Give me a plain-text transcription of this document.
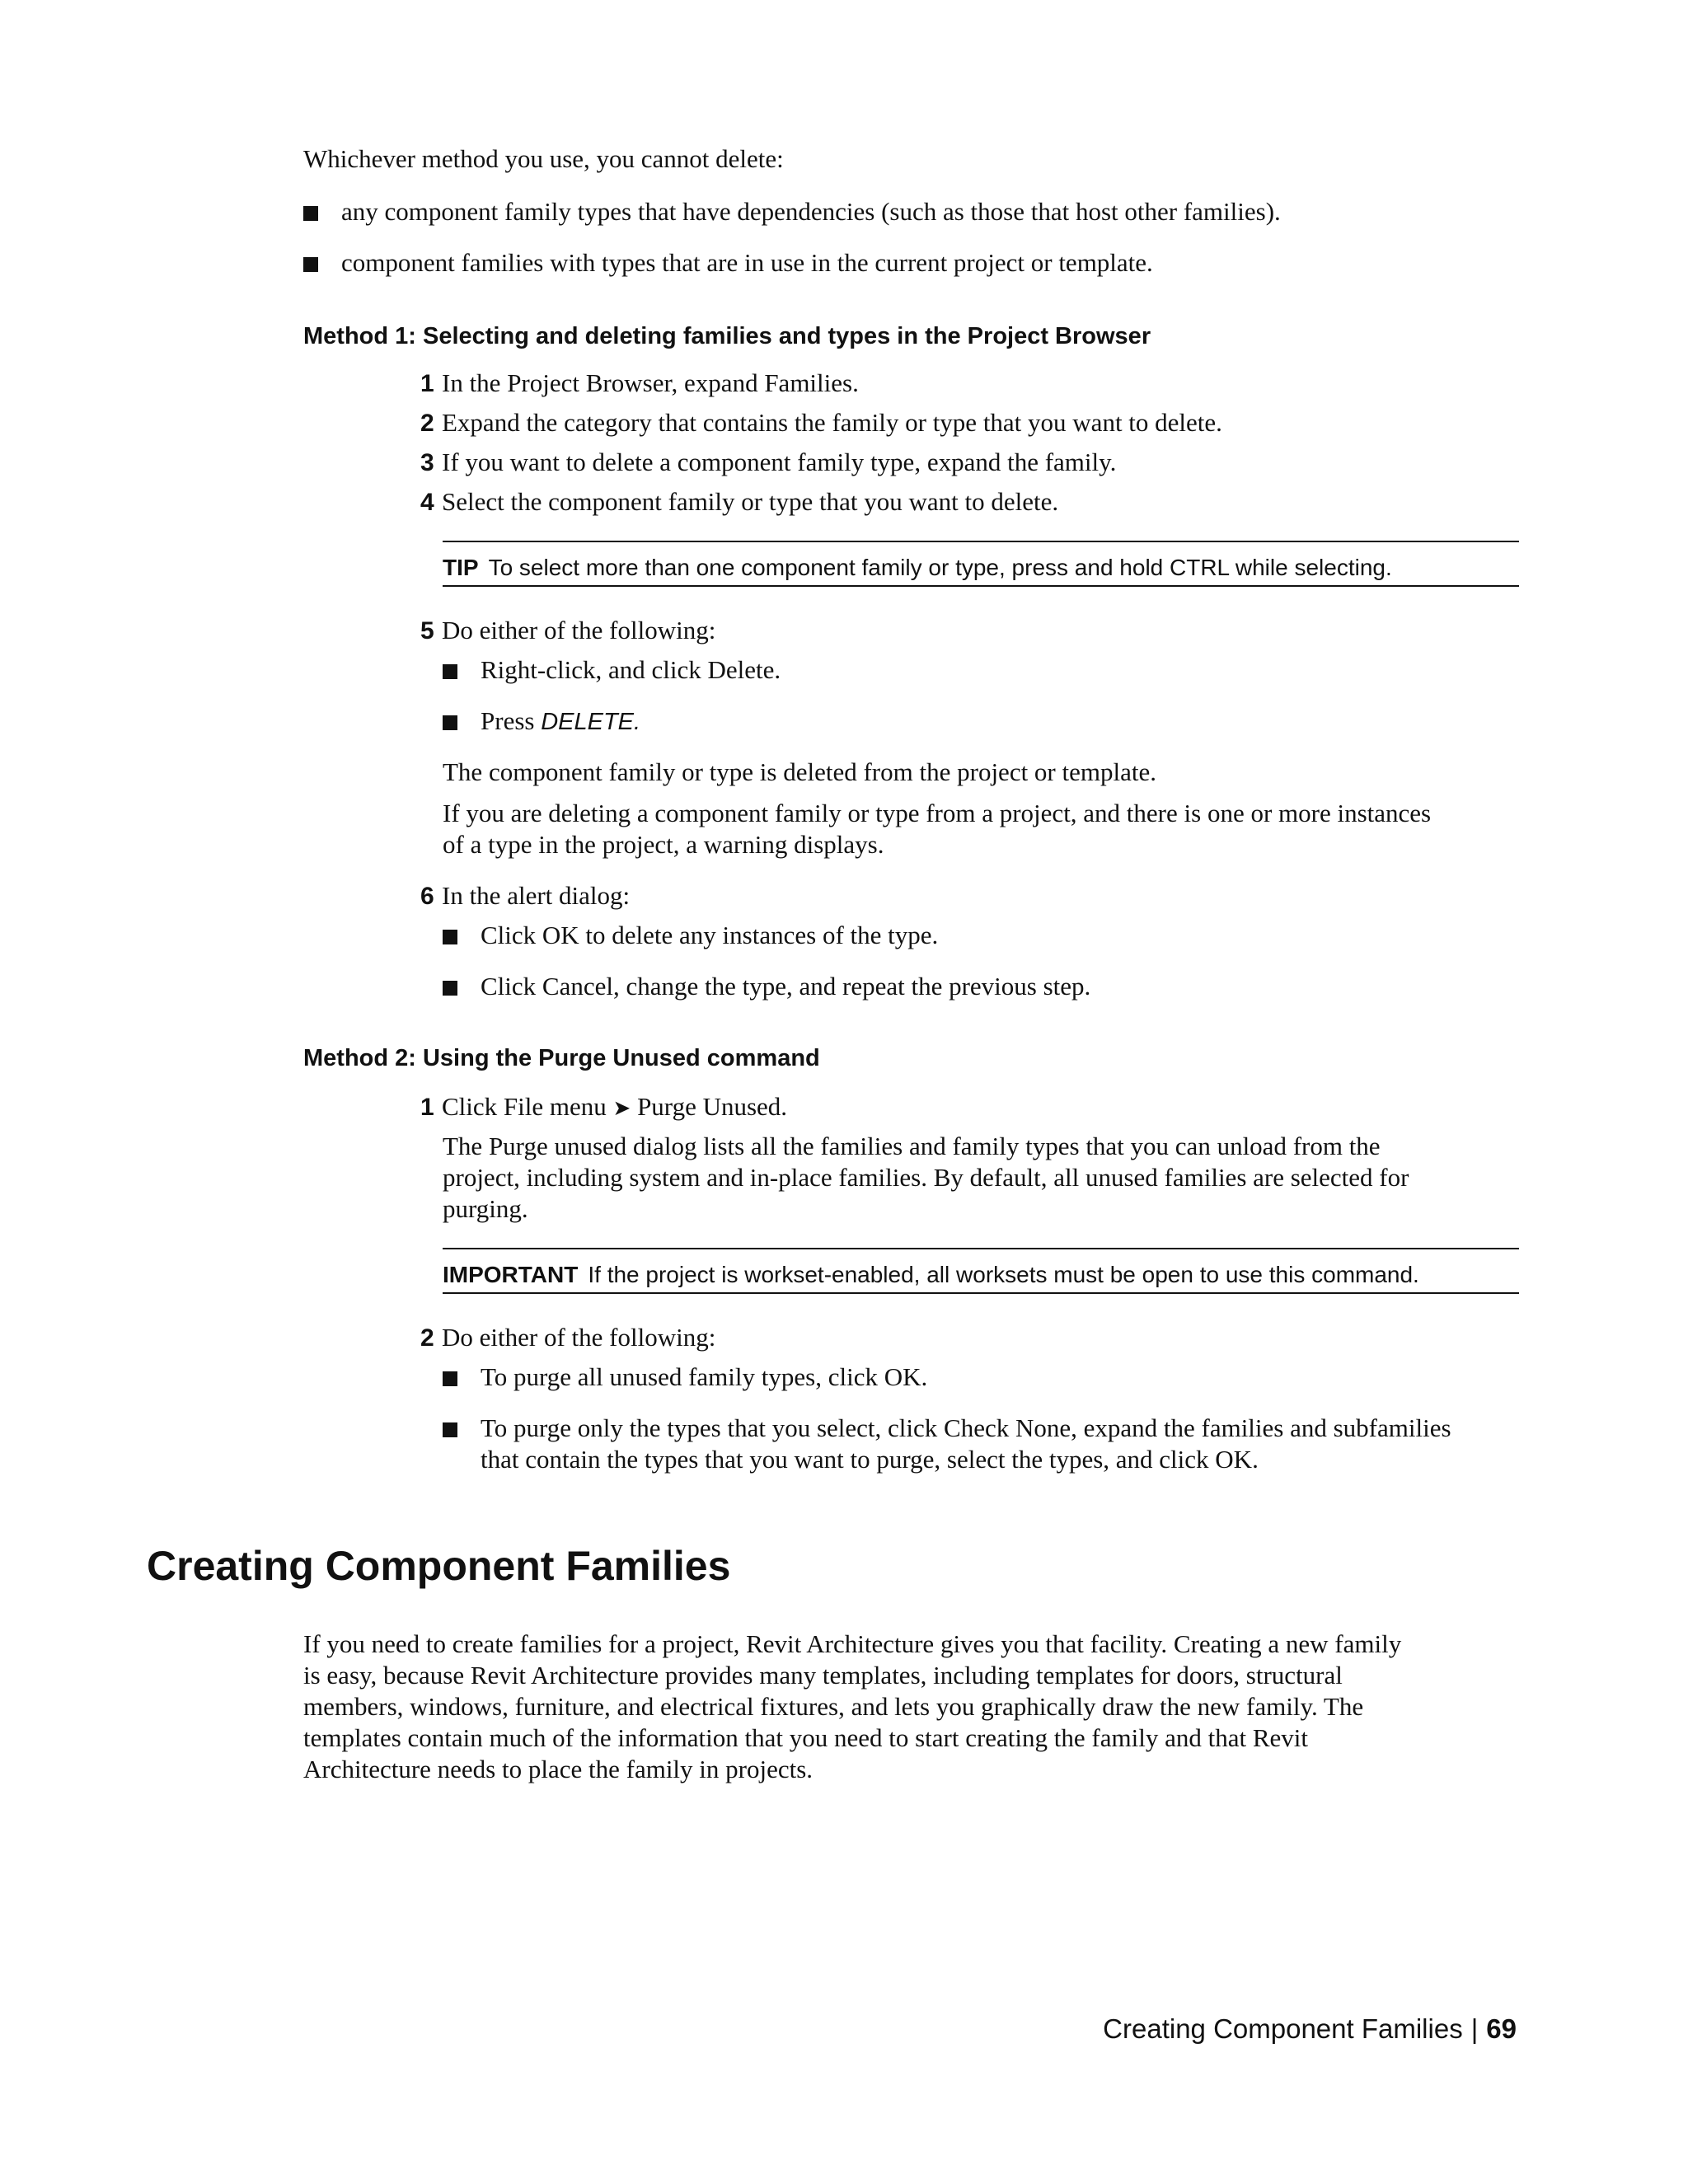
Whichever method you use, you cannot delete:

any component family types that have dependencies (such as those that host other families).

component families with types that are in use in the current project or template.

Method 1: Selecting and deleting families and types in the Project Browser

1 In the Project Browser, expand Families.

2 Expand the category that contains the family or type that you want to delete.

3 If you want to delete a component family type, expand the family.

4 Select the component family or type that you want to delete.

TIP To select more than one component family or type, press and hold CTRL while selecting.

5 Do either of the following:

Right-click, and click Delete.

Press DELETE.

The component family or type is deleted from the project or template.

If you are deleting a component family or type from a project, and there is one or more instances

of a type in the project, a warning displays.

6 In the alert dialog:

Click OK to delete any instances of the type.

Click Cancel, change the type, and repeat the previous step.

Method 2: Using the Purge Unused command

1 Click File menu ➤ Purge Unused.

The Purge unused dialog lists all the families and family types that you can unload from the

project, including system and in-place families. By default, all unused families are selected for

purging.

IMPORTANT If the project is workset-enabled, all worksets must be open to use this command.

2 Do either of the following:

To purge all unused family types, click OK.

To purge only the types that you select, click Check None, expand the families and subfamilies

that contain the types that you want to purge, select the types, and click OK.

Creating Component Families

If you need to create families for a project, Revit Architecture gives you that facility. Creating a new family

is easy, because Revit Architecture provides many templates, including templates for doors, structural

members, windows, furniture, and electrical fixtures, and lets you graphically draw the new family. The

templates contain much of the information that you need to start creating the family and that Revit

Architecture needs to place the family in projects.

Creating Component Families | 69
